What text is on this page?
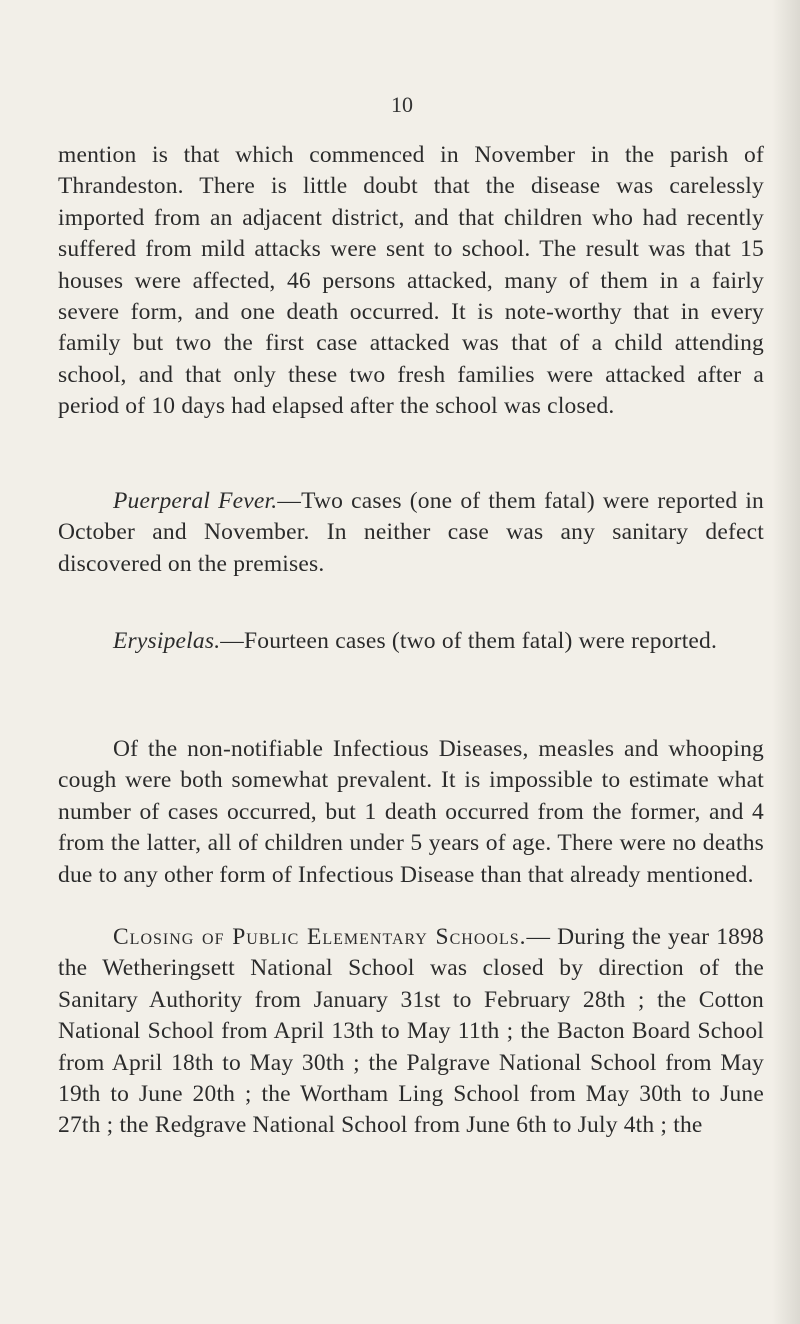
10

mention is that which commenced in November in the parish of Thrandeston. There is little doubt that the disease was carelessly imported from an adjacent district, and that children who had recently suffered from mild attacks were sent to school. The result was that 15 houses were affected, 46 persons attacked, many of them in a fairly severe form, and one death occurred. It is note-worthy that in every family but two the first case attacked was that of a child attending school, and that only these two fresh families were attacked after a period of 10 days had elapsed after the school was closed.

Puerperal Fever.—Two cases (one of them fatal) were reported in October and November. In neither case was any sanitary defect discovered on the premises.

Erysipelas.—Fourteen cases (two of them fatal) were reported.

Of the non-notifiable Infectious Diseases, measles and whooping cough were both somewhat prevalent. It is impossible to estimate what number of cases occurred, but 1 death occurred from the former, and 4 from the latter, all of children under 5 years of age. There were no deaths due to any other form of Infectious Disease than that already mentioned.

Closing of Public Elementary Schools.— During the year 1898 the Wetheringsett National School was closed by direction of the Sanitary Authority from January 31st to February 28th ; the Cotton National School from April 13th to May 11th ; the Bacton Board School from April 18th to May 30th ; the Palgrave National School from May 19th to June 20th ; the Wortham Ling School from May 30th to June 27th ; the Redgrave National School from June 6th to July 4th ; the
